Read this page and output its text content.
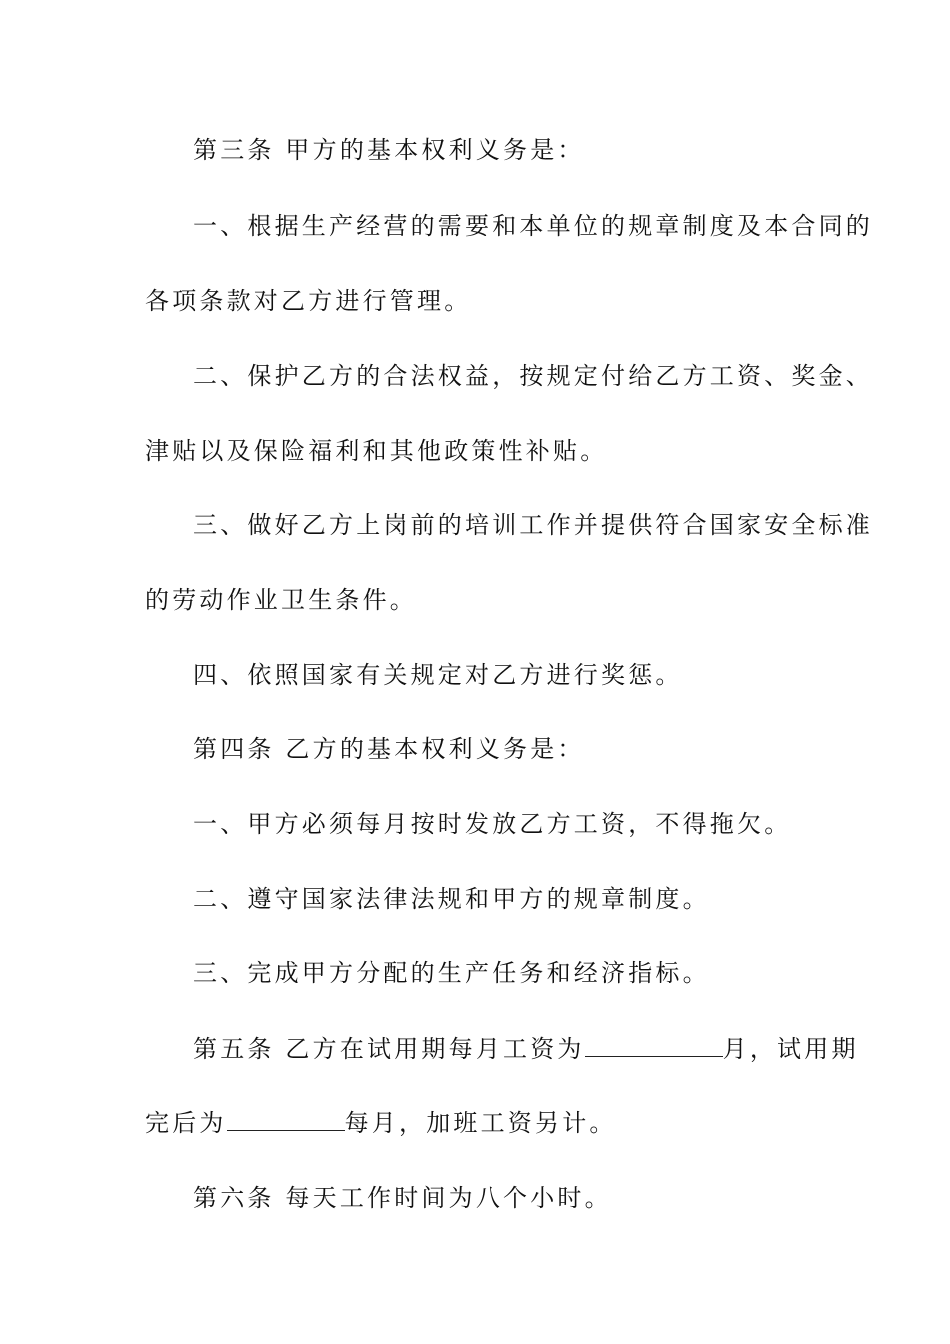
第三条 甲方的基本权利义务是：
一、根据生产经营的需要和本单位的规章制度及本合同的
各项条款对乙方进行管理。
二、保护乙方的合法权益，按规定付给乙方工资、奖金、
津贴以及保险福利和其他政策性补贴。
三、做好乙方上岗前的培训工作并提供符合国家安全标准
的劳动作业卫生条件。
四、依照国家有关规定对乙方进行奖惩。
第四条 乙方的基本权利义务是：
一、甲方必须每月按时发放乙方工资，不得拖欠。
二、遵守国家法律法规和甲方的规章制度。
三、完成甲方分配的生产任务和经济指标。
第五条 乙方在试用期每月工资为	月，试用期
完后为	每月，加班工资另计。
第六条 每天工作时间为八个小时。
